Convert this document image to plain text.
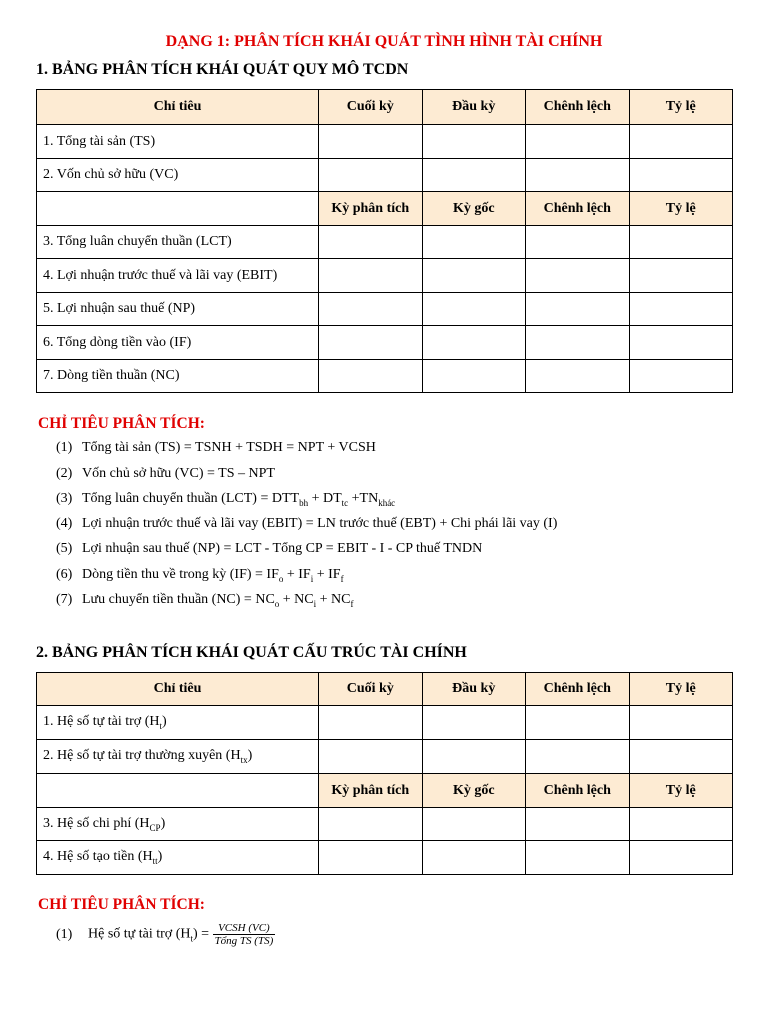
DẠNG 1: PHÂN TÍCH KHÁI QUÁT TÌNH HÌNH TÀI CHÍNH
1. BẢNG PHÂN TÍCH KHÁI QUÁT QUY MÔ TCDN
Chỉ tiêu	Cuối kỳ	Đầu kỳ	Chênh lệch	Tỷ lệ
1. Tổng tài sản (TS)				
2. Vốn chủ sở hữu (VC)				
	Kỳ phân tích	Kỳ gốc	Chênh lệch	Tỷ lệ
3. Tổng luân chuyển thuần (LCT)				
4. Lợi nhuận trước thuế và lãi vay (EBIT)				
5. Lợi nhuận sau thuế (NP)				
6. Tổng dòng tiền vào (IF)				
7. Dòng tiền thuần (NC)				
CHỈ TIÊU PHÂN TÍCH:
(1) Tổng tài sản (TS) = TSNH + TSDH = NPT + VCSH
(2) Vốn chủ sở hữu (VC) = TS – NPT
(3) Tổng luân chuyển thuần $(LCT) = DTT_{bh} + DT_{tc} +TN_{khác}$
(4) Lợi nhuận trước thuế và lãi vay (EBIT) = LN trước thuế (EBT) + Chi phái lãi vay (I)
(5) Lợi nhuận sau thuế (NP) = LCT - Tổng CP = EBIT - I - CP thuế TNDN
(6) Dòng tiền thu về trong kỳ $(IF) = IF_o + IF_i + IF_f$
(7) Lưu chuyển tiền thuần $(NC) = NC_o + NC_i + NC_f$
2. BẢNG PHÂN TÍCH KHÁI QUÁT CẤU TRÚC TÀI CHÍNH
Chỉ tiêu	Cuối kỳ	Đầu kỳ	Chênh lệch	Tỷ lệ
1. Hệ số tự tài trợ $(H_t)$				
2. Hệ số tự tài trợ thường xuyên $(H_{tx})$				
	Kỳ phân tích	Kỳ gốc	Chênh lệch	Tỷ lệ
3. Hệ số chi phí $(H_{CP})$				
4. Hệ số tạo tiền $(H_{tt})$				
CHỈ TIÊU PHÂN TÍCH:
(1) Hệ số tự tài trợ $(H_t) = \frac{\text{VCSH (VC)}}{\text{Tổng TS (TS)}}$
